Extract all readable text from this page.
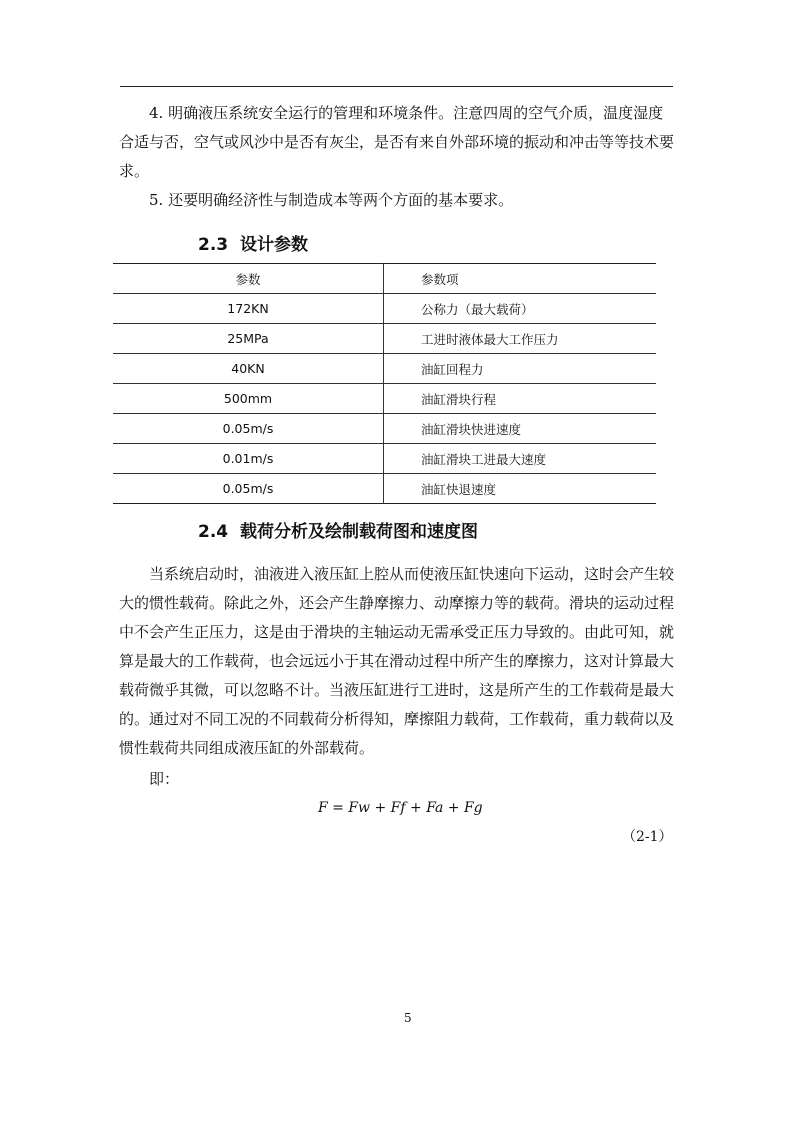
4. 明确液压系统安全运行的管理和环境条件。注意四周的空气介质，温度湿度合适与否，空气或风沙中是否有灰尘，是否有来自外部环境的振动和冲击等等技术要求。

5. 还要明确经济性与制造成本等两个方面的基本要求。

2.3 设计参数
参数	参数项
172KN	公称力（最大载荷）
25MPa	工进时液体最大工作压力
40KN	油缸回程力
500mm	油缸滑块行程
0.05m/s	油缸滑块快进速度
0.01m/s	油缸滑块工进最大速度
0.05m/s	油缸快退速度
2.4 载荷分析及绘制载荷图和速度图

当系统启动时，油液进入液压缸上腔从而使液压缸快速向下运动，这时会产生较大的惯性载荷。除此之外，还会产生静摩擦力、动摩擦力等的载荷。滑块的运动过程中不会产生正压力，这是由于滑块的主轴运动无需承受正压力导致的。由此可知，就算是最大的工作载荷，也会远远小于其在滑动过程中所产生的摩擦力，这对计算最大载荷微乎其微，可以忽略不计。当液压缸进行工进时，这是所产生的工作载荷是最大的。通过对不同工况的不同载荷分析得知，摩擦阻力载荷，工作载荷，重力载荷以及惯性载荷共同组成液压缸的外部载荷。

即：

F = Fw + Ff + Fa + Fg
（2-1）
5
